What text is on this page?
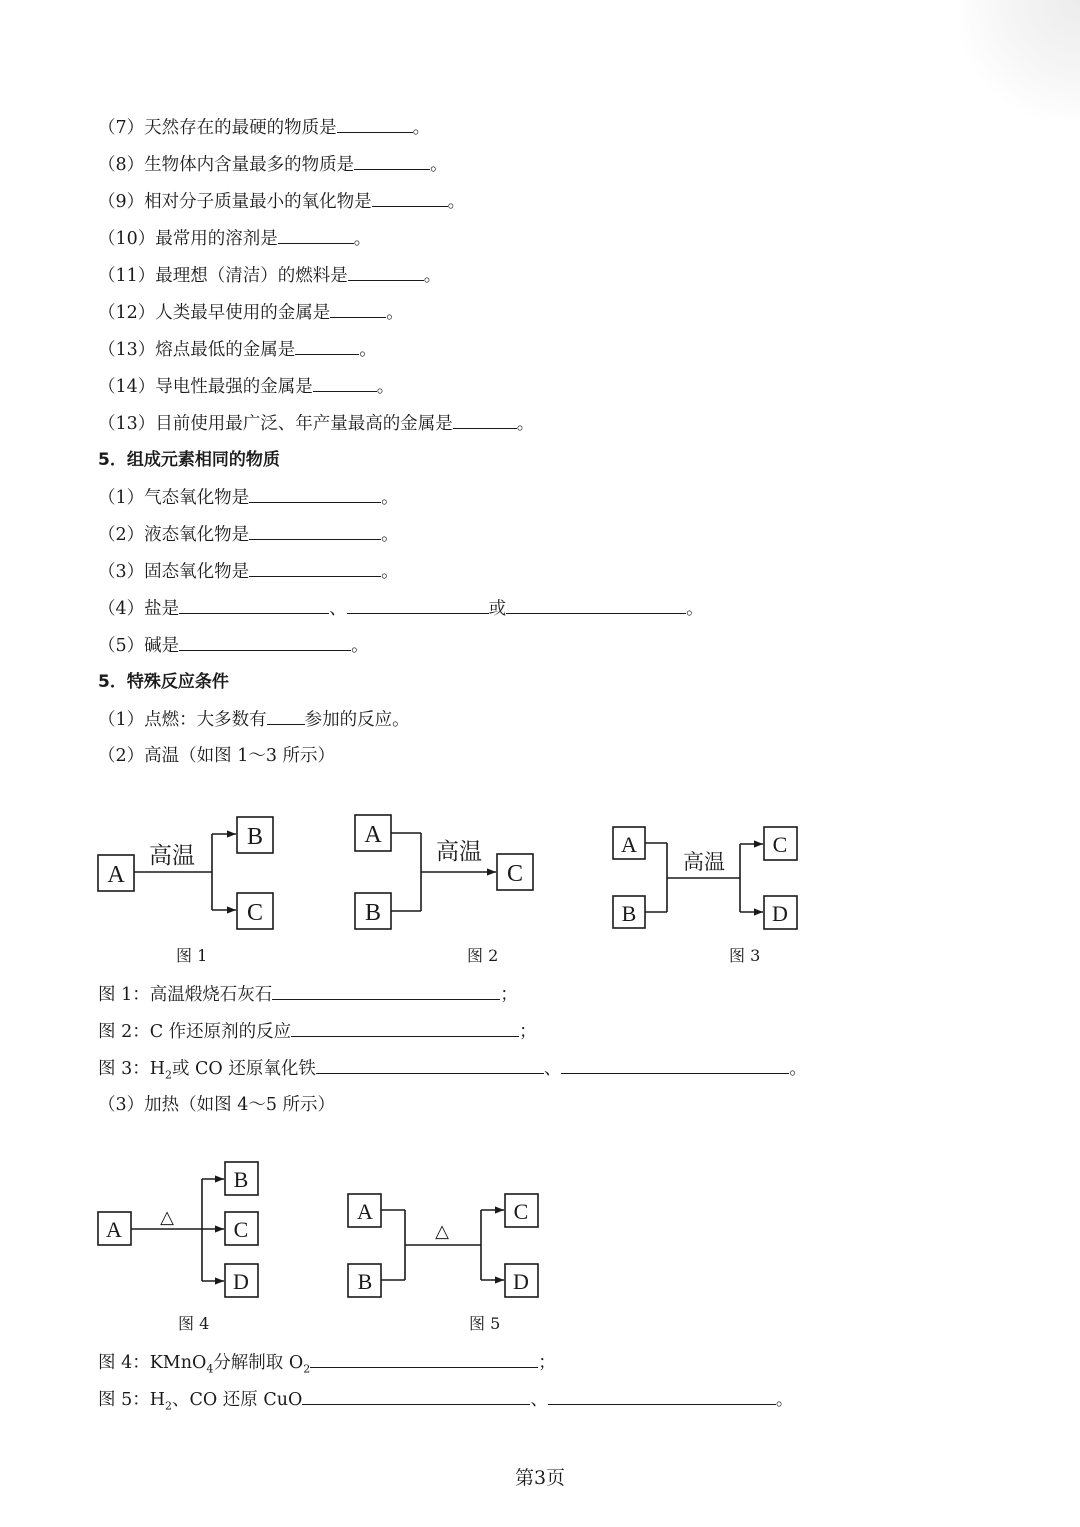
（7）天然存在的最硬的物质是	。
（8）生物体内含量最多的物质是	。
（9）相对分子质量最小的氧化物是	。
（10）最常用的溶剂是	。
（11）最理想（清洁）的燃料是	。
（12）人类最早使用的金属是	。
（13）熔点最低的金属是	。
（14）导电性最强的金属是	。
（13）目前使用最广泛、年产量最高的金属是	。
5．组成元素相同的物质
（1）气态氧化物是	。
（2）液态氧化物是	。
（3）固态氧化物是	。
（4）盐是	、	或	。
（5）碱是	。
5．特殊反应条件
（1）点燃：大多数有 参加的反应。
（2）高温（如图 1～3 所示）
A
B
C
高温
A
B
C
高温	A
B
C
D
高温
A
B
C
D
△	A
B
C
D
△
图 1	图 2	图 3
图 4	图 5
图 1：高温煅烧石灰石	；
图 2：C 作还原剂的反应	；
图 3：$H_2$或 CO 还原氧化铁	、	。
（3）加热（如图 4～5 所示）
图 4：KMnO$_4$分解制取 $O_2$	；
图 5：$H_2$、CO 还原 CuO	、	。
第3页
